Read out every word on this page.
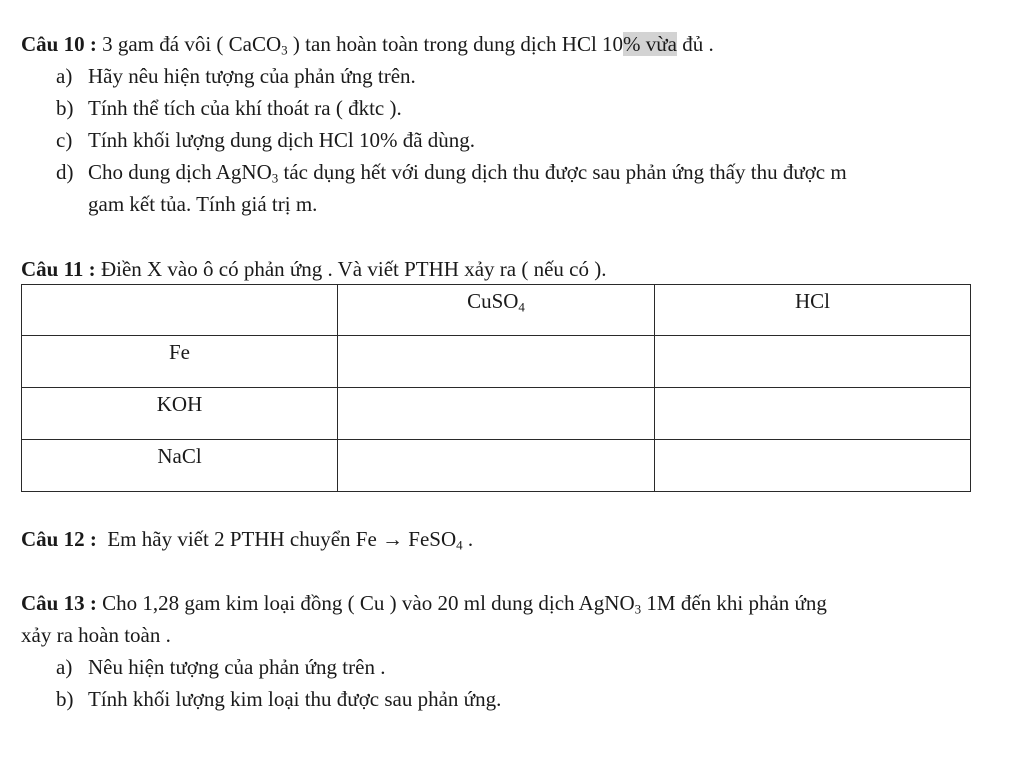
Câu 10 : 3 gam đá vôi ( CaCO$_3$ ) tan hoàn toàn trong dung dịch HCl 10% vừa đủ .
a) Hãy nêu hiện tượng của phản ứng trên.
b) Tính thể tích của khí thoát ra ( đktc ).
c) Tính khối lượng dung dịch HCl 10% đã dùng.
d) Cho dung dịch AgNO$_3$ tác dụng hết với dung dịch thu được sau phản ứng thấy thu được m
gam kết tủa. Tính giá trị m.
Câu 11 : Điền X vào ô có phản ứng . Và viết PTHH xảy ra ( nếu có ).
	CuSO$_4$	HCl
Fe		
KOH		
NaCl		
Câu 12 :  Em hãy viết 2 PTHH chuyển Fe → FeSO$_4$ .
Câu 13 : Cho 1,28 gam kim loại đồng ( Cu ) vào 20 ml dung dịch AgNO$_3$ 1M đến khi phản ứng
xảy ra hoàn toàn .
a) Nêu hiện tượng của phản ứng trên .
b) Tính khối lượng kim loại thu được sau phản ứng.
